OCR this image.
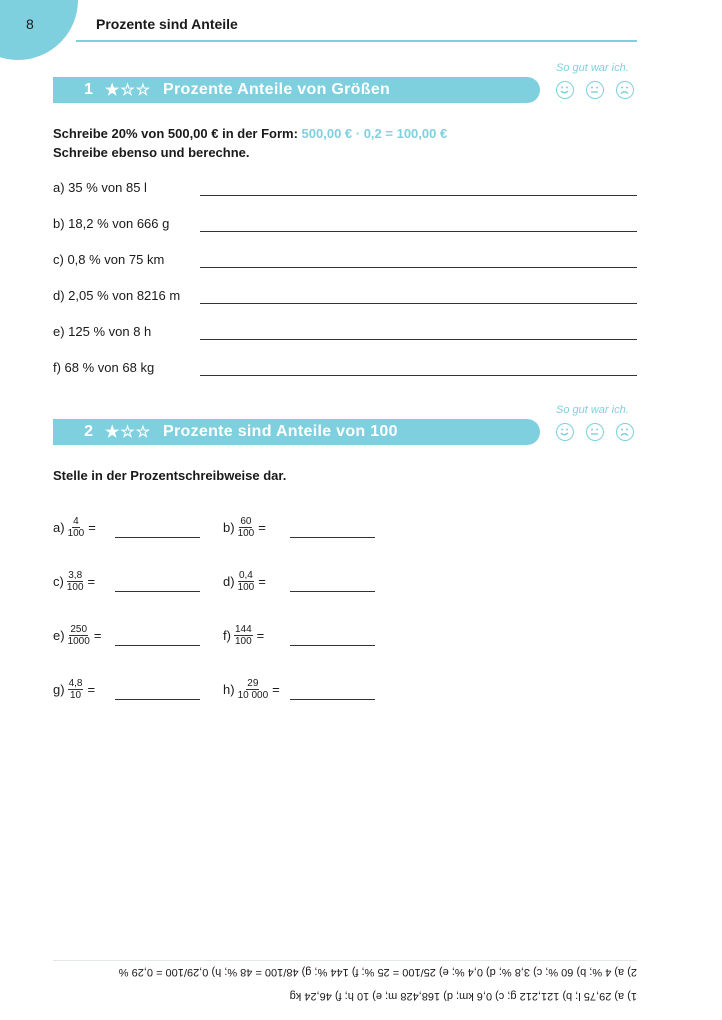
8	Prozente sind Anteile
1 ★☆☆ Prozente Anteile von Größen
So gut war ich.
Schreibe 20% von 500,00 € in der Form: 500,00 € · 0,2 = 100,00 €
Schreibe ebenso und berechne.
a) 35 % von 85 l
b) 18,2 % von 666 g
c) 0,8 % von 75 km
d) 2,05 % von 8216 m
e) 125 % von 8 h
f) 68 % von 68 kg
2 ★☆☆ Prozente sind Anteile von 100
So gut war ich.
Stelle in der Prozentschreibweise dar.
$a) \frac{4}{100}$ =	$b) \frac{60}{100}$ =
$c) \frac{3,8}{100}$ =	$d) \frac{0,4}{100}$ =
$e) \frac{250}{1000}$ =	$f) \frac{144}{100}$ =
$g) \frac{4,8}{10}$ =	$h) \frac{29}{10 000}$ =
2) a) 4 %; b) 60 %; c) 3,8 %; d) 0,4 %; e) 25/100 = 25 %; f) 144 %; g) 48/100 = 48 %; h) 0,29/100 = 0,29 %
1) a) 29,75 l; b) 121,212 g; c) 0,6 km; d) 168,428 m; e) 10 h; f) 46,24 kg
